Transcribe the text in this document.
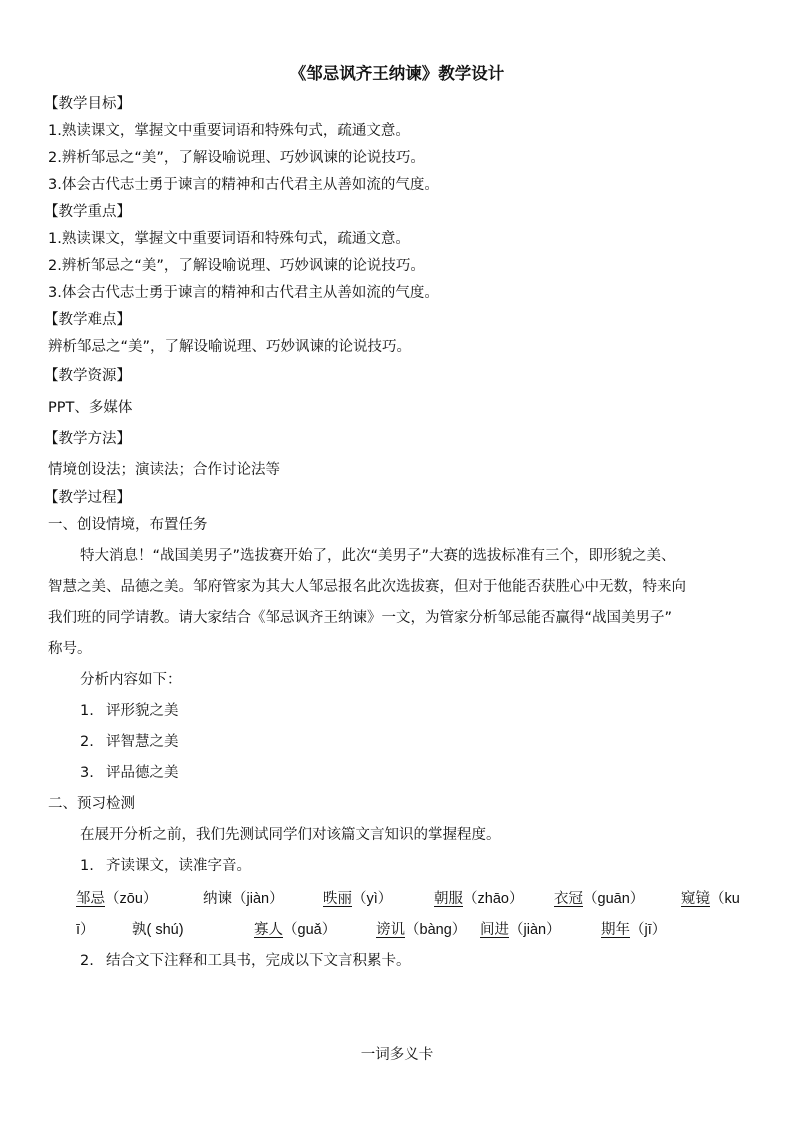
《邹忌讽齐王纳谏》教学设计
【教学目标】
1.熟读课文，掌握文中重要词语和特殊句式，疏通文意。
2.辨析邹忌之“美”，了解设喻说理、巧妙讽谏的论说技巧。
3.体会古代志士勇于谏言的精神和古代君主从善如流的气度。
【教学重点】
1.熟读课文，掌握文中重要词语和特殊句式，疏通文意。
2.辨析邹忌之“美”，了解设喻说理、巧妙讽谏的论说技巧。
3.体会古代志士勇于谏言的精神和古代君主从善如流的气度。
【教学难点】
辨析邹忌之“美”，了解设喻说理、巧妙讽谏的论说技巧。
【教学资源】
PPT、多媒体
【教学方法】
情境创设法；演读法；合作讨论法等
【教学过程】
一、创设情境，布置任务
特大消息！“战国美男子”选拔赛开始了，此次“美男子”大赛的选拔标准有三个，即形貌之美、
智慧之美、品德之美。邹府管家为其大人邹忌报名此次选拔赛，但对于他能否获胜心中无数，特来向
我们班的同学请教。请大家结合《邹忌讽齐王纳谏》一文，为管家分析邹忌能否赢得“战国美男子”
称号。
分析内容如下：
1. 评形貌之美
2. 评智慧之美
3. 评品德之美
二、预习检测
在展开分析之前，我们先测试同学们对该篇文言知识的掌握程度。
1. 齐读课文，读准字音。
邹忌（zōu）	纳谏（jiàn）	昳丽（yì）	朝服（zhāo） 衣冠（guān）	窥镜（ku
ī）	孰( shú)	寡人（guǎ）	谤讥（bàng） 间进（jiàn）	期年（jī）
2. 结合文下注释和工具书，完成以下文言积累卡。
一词多义卡
